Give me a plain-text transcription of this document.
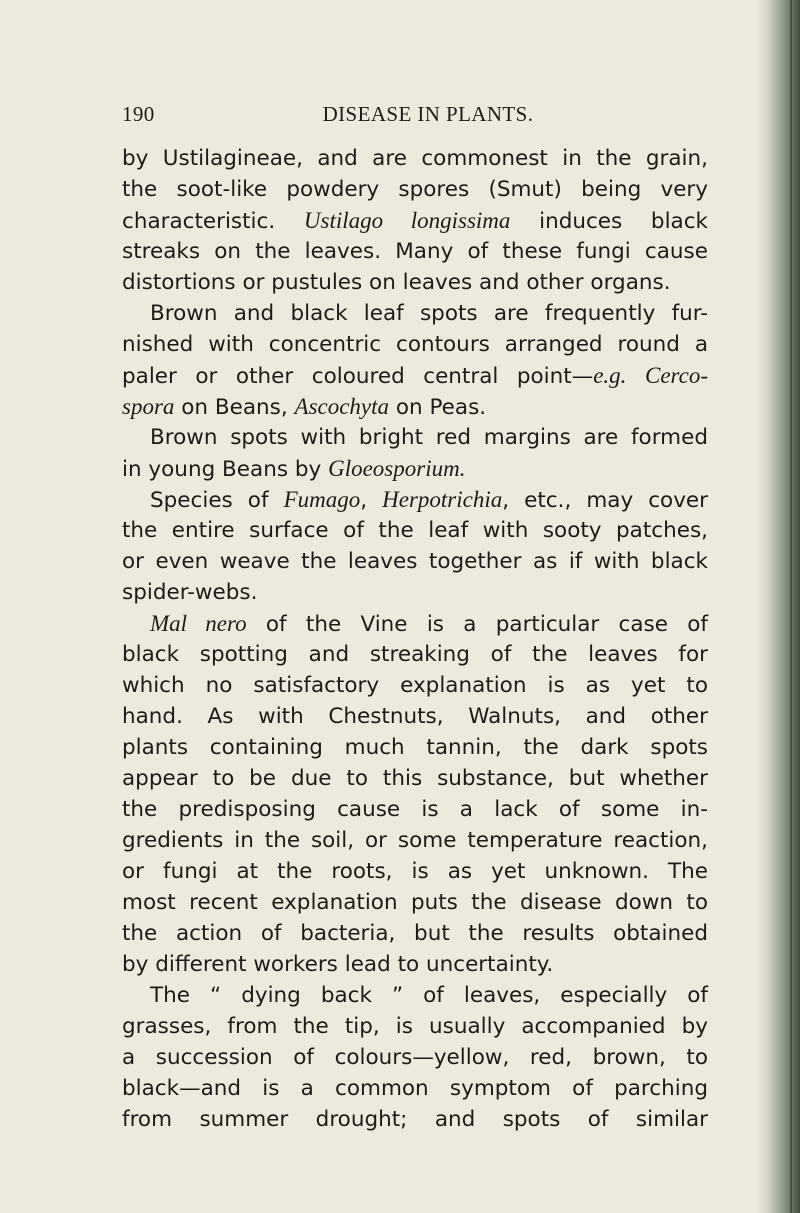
190	DISEASE IN PLANTS.
by Ustilagineae, and are commonest in the grain,
the soot-like powdery spores (Smut) being very
characteristic. Ustilago longissima induces black
streaks on the leaves. Many of these fungi cause
distortions or pustules on leaves and other organs.
Brown and black leaf spots are frequently fur-
nished with concentric contours arranged round a
paler or other coloured central point—e.g. Cerco-
spora on Beans, Ascochyta on Peas.
Brown spots with bright red margins are formed
in young Beans by Gloeosporium.
Species of Fumago, Herpotrichia, etc., may cover
the entire surface of the leaf with sooty patches,
or even weave the leaves together as if with black
spider-webs.
Mal nero of the Vine is a particular case of
black spotting and streaking of the leaves for
which no satisfactory explanation is as yet to
hand. As with Chestnuts, Walnuts, and other
plants containing much tannin, the dark spots
appear to be due to this substance, but whether
the predisposing cause is a lack of some in-
gredients in the soil, or some temperature reaction,
or fungi at the roots, is as yet unknown. The
most recent explanation puts the disease down to
the action of bacteria, but the results obtained
by different workers lead to uncertainty.
The “ dying back ” of leaves, especially of
grasses, from the tip, is usually accompanied by
a succession of colours—yellow, red, brown, to
black—and is a common symptom of parching
from summer drought; and spots of similar
